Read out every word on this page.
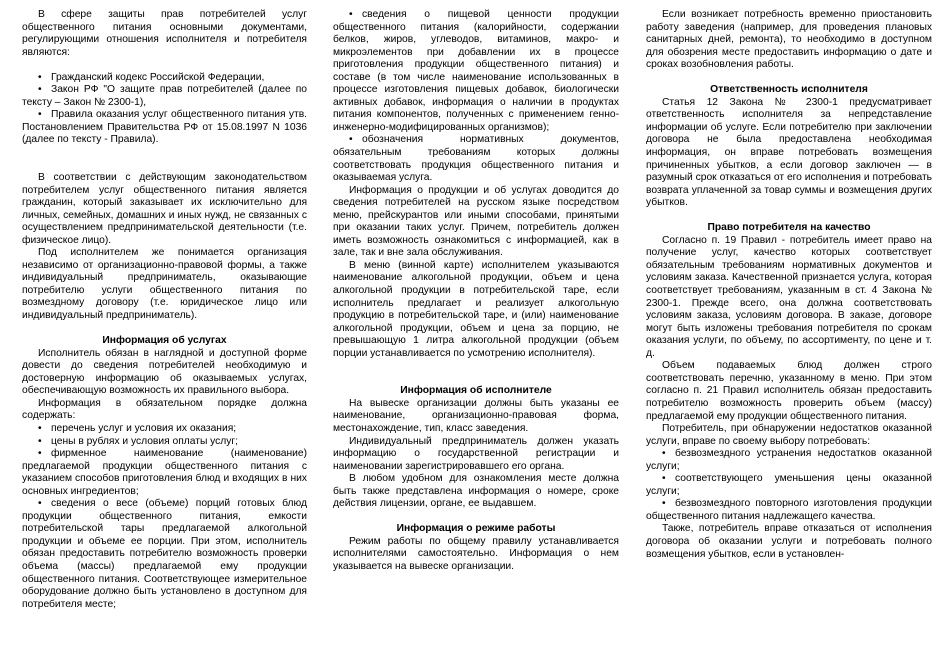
В сфере защиты прав потребителей услуг общественного питания основными документами, регулирующими отношения исполнителя и потребителя являются:

• Гражданский кодекс Российской Федерации,

• Закон РФ "О защите прав потребителей (далее по тексту – Закон № 2300-1),

• Правила оказания услуг общественного питания утв. Постановлением Правительства РФ от 15.08.1997 N 1036 (далее по тексту - Правила).

В соответствии с действующим законодательством потребителем услуг общественного питания является гражданин, который заказывает их исключительно для личных, семейных, домашних и иных нужд, не связанных с осуществлением предпринимательской деятельности (т.е. физическое лицо).

Под исполнителем же понимается организация независимо от организационно-правовой формы, а также индивидуальный предприниматель, оказывающие потребителю услуги общественного питания по возмездному договору (т.е. юридическое лицо или индивидуальный предприниматель).

Информация об услугах

Исполнитель обязан в наглядной и доступной форме довести до сведения потребителей необходимую и достоверную информацию об оказываемых услугах, обеспечивающую возможность их правильного выбора.

Информация в обязательном порядке должна содержать:

• перечень услуг и условия их оказания;

• цены в рублях и условия оплаты услуг;

• фирменное наименование (наименование) предлагаемой продукции общественного питания с указанием способов приготовления блюд и входящих в них основных ингредиентов;

• сведения о весе (объеме) порций готовых блюд продукции общественного питания, емкости потребительской тары предлагаемой алкогольной продукции и объеме ее порции. При этом, исполнитель обязан предоставить потребителю возможность проверки объема (массы) предлагаемой ему продукции общественного питания. Соответствующее измерительное оборудование должно быть установлено в доступном для потребителя месте;

• сведения о пищевой ценности продукции общественного питания (калорийности, содержании белков, жиров, углеводов, витаминов, макро- и микроэлементов при добавлении их в процессе приготовления продукции общественного питания) и составе (в том числе наименование использованных в процессе изготовления пищевых добавок, биологически активных добавок, информация о наличии в продуктах питания компонентов, полученных с применением генно-инженерно-модифицированных организмов);

• обозначения нормативных документов, обязательным требованиям которых должны соответствовать продукция общественного питания и оказываемая услуга.

Информация о продукции и об услугах доводится до сведения потребителей на русском языке посредством меню, прейскурантов или иными способами, принятыми при оказании таких услуг. Причем, потребитель должен иметь возможность ознакомиться с информацией, как в зале, так и вне зала обслуживания.

В меню (винной карте) исполнителем указываются наименование алкогольной продукции, объем и цена алкогольной продукции в потребительской таре, если исполнитель предлагает и реализует алкогольную продукцию в потребительской таре, и (или) наименование алкогольной продукции, объем и цена за порцию, не превышающую 1 литра алкогольной продукции (объем порции устанавливается по усмотрению исполнителя).

Информация об исполнителе

На вывеске организации должны быть указаны ее наименование, организационно-правовая форма, местонахождение, тип, класс заведения.

Индивидуальный предприниматель должен указать информацию о государственной регистрации и наименовании зарегистрировавшего его органа.

В любом удобном для ознакомления месте должна быть также представлена информация о номере, сроке действия лицензии, органе, ее выдавшем.

Информация о режиме работы

Режим работы по общему правилу устанавливается исполнителями самостоятельно. Информация о нем указывается на вывеске организации.

Если возникает потребность временно приостановить работу заведения (например, для проведения плановых санитарных дней, ремонта), то необходимо в доступном для обозрения месте предоставить информацию о дате и сроках возобновления работы.

Ответственность исполнителя

Статья 12 Закона № 2300-1 предусматривает ответственность исполнителя за непредставление информации об услуге. Если потребителю при заключении договора не была предоставлена необходимая информация, он вправе потребовать возмещения причиненных убытков, а если договор заключен — в разумный срок отказаться от его исполнения и потребовать возврата уплаченной за товар суммы и возмещения других убытков.

Право потребителя на качество

Согласно п. 19 Правил - потребитель имеет право на получение услуг, качество которых соответствует обязательным требованиям нормативных документов и условиям заказа. Качественной признается услуга, которая соответствует требованиям, указанным в ст. 4 Закона № 2300-1. Прежде всего, она должна соответствовать условиям заказа, условиям договора. В заказе, договоре могут быть изложены требования потребителя по срокам оказания услуги, по объему, по ассортименту, по цене и т. д.

Объем подаваемых блюд должен строго соответствовать перечню, указанному в меню. При этом согласно п. 21 Правил исполнитель обязан предоставить потребителю возможность проверить объем (массу) предлагаемой ему продукции общественного питания.

Потребитель, при обнаружении недостатков оказанной услуги, вправе по своему выбору потребовать:

• безвозмездного устранения недостатков оказанной услуги;

• соответствующего уменьшения цены оказанной услуги;

• безвозмездного повторного изготовления продукции общественного питания надлежащего качества.

Также, потребитель вправе отказаться от исполнения договора об оказании услуги и потребовать полного возмещения убытков, если в установлен-
